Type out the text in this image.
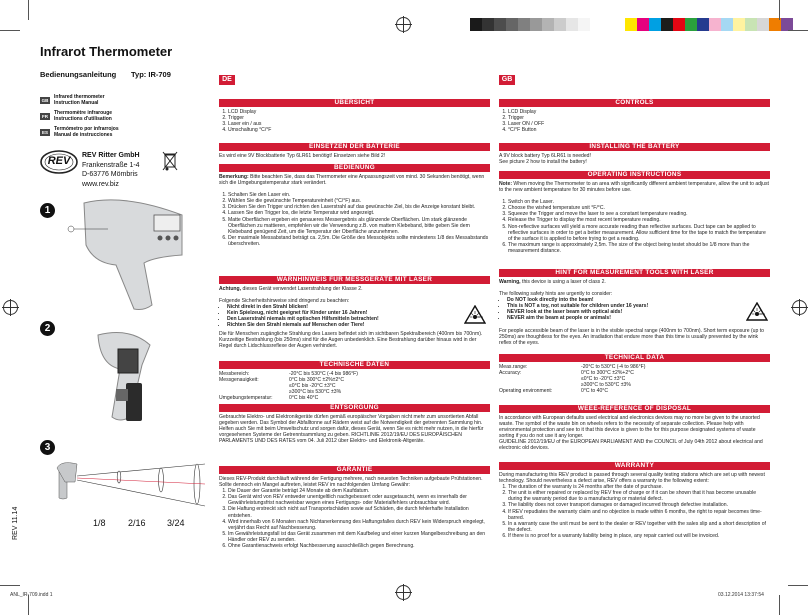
Infrarot Thermometer
Bedienungsanleitung Typ: IR-709
GB
Infrared thermometer
Instruction Manual
FR
Thermomètre infrarouge
Instructions d'utilisation
ES
Termómetro por infrarrojos
Manual de instrucciones
REV	REV Ritter GmbH
Frankenstraße 1-4
D-63776 Mömbris
www.rev.biz
1
2
3
1/8 2/16 3/24
REV 11.14
ANL_IR-709.indd 1	03.12.2014 13:37:54
DE
ÜBERSICHT
1. LCD Display
2. Trigger
3. Laser ein / aus
4. Umschaltung °C/°F
EINSETZEN DER BATTERIE
Es wird eine 9V Blockbatterie Typ 6LR61 benötigt! Einsetzen siehe Bild 2!
BEDIENUNG

Bemerkung: Bitte beachten Sie, dass das Thermometer eine Anpassungszeit von mind. 30 Sekunden benötigt, wenn sich die Umgebungstemperatur stark verändert.

1. Schalten Sie den Laser ein.
2. Wählen Sie die gewünschte Temperatureinheit (°C/°F) aus.
3. Drücken Sie den Trigger und richten den Laserstrahl auf das gewünschte Ziel, bis die Anzeige konstant bleibt.
4. Lassen Sie den Trigger los, die letzte Temperatur wird angezeigt.
5. Matte Oberflächen ergeben ein genaueres Messergebnis als glänzende Oberflächen. Um stark glänzende Oberflächen zu mattieren, empfehlen wir die Verwendung z.B. von mattem Klebeband, bitte geben Sie dem Klebeband genügend Zeit, um die Temperatur der Oberfläche anzunehmen.
6. Der maximale Messabstand beträgt ca. 2,5m. Die Größe des Messobjekts sollte mindestens 1/8 des Messabstands überschreiten.
WARNHINWEIS FÜR MESSGERÄTE MIT LASER

Achtung, dieses Gerät verwendet Laserstrahlung der Klasse 2.

Folgende Sicherheitshinweise sind dringend zu beachten:

• Nicht direkt in den Strahl blicken!
• Kein Spielzeug, nicht geeignet für Kinder unter 16 Jahren!
• Den Laserstrahl niemals mit optischen Hilfsmitteln betrachten!
• Richten Sie den Strahl niemals auf Menschen oder Tiere!
Die für Menschen zugängliche Strahlung des Lasers befindet sich im sichtbaren Spektralbereich (400nm bis 700nm). Kurzzeitige Bestrahlung (bis 250ms) sind für die Augen unbedenklich. Eine Bestrahlung darüber hinaus wird in der Regel durch Lidschlussreflexe der Augen verhindert.
TECHNISCHE DATEN
Messbereich:	-20°C bis 530°C (-4 bis 986°F)
Messgenauigkeit:	0°C bis 300°C ±2%±2°C
≤0°C bis -20°C ±3°C
≥300°C bis 530°C ±3%
Umgebungstemperatur:	0°C bis 40°C
ENTSORGUNG
Gebrauchte Elektro- und Elektronikgeräte dürfen gemäß europäischer Vorgaben nicht mehr zum unsortierten Abfall gegeben werden. Das Symbol der Abfalltonne auf Rädern weist auf die Notwendigkeit der getrennten Sammlung hin. Helfen auch Sie mit beim Umweltschutz und sorgen dafür, dieses Gerät, wenn Sie es nicht mehr nutzen, in die hierfür vorgesehenen Systeme der Getrenntsammlung zu geben. RICHTLINIE 2012/19/EU DES EUROPÄISCHEN PARLAMENTS UND DES RATES vom 04. Juli 2012 über Elektro- und Elektronik-Altgeräte.
GARANTIE

Dieses REV-Produkt durchläuft während der Fertigung mehrere, nach neuesten Techniken aufgebaute Prüfstationen. Sollte dennoch ein Mangel auftreten, leistet REV im nachfolgenden Umfang Gewähr:

1. Die Dauer der Garantie beträgt 24 Monate ab dem Kaufdatum.
2. Das Gerät wird von REV entweder unentgeltlich nachgebessert oder ausgetauscht, wenn es innerhalb der Gewährleistungsfrist nachweisbar wegen eines Fertigungs- oder Materialfehlers unbrauchbar wird.
3. Die Haftung erstreckt sich nicht auf Transportschäden sowie auf Schäden, die durch fehlerhafte Installation entstehen.
4. Wird innerhalb von 6 Monaten nach Nichtanerkennung des Haftungsfalles durch REV kein Widerspruch eingelegt, verjährt das Recht auf Nachbesserung.
5. Im Gewährleistungsfall ist das Gerät zusammen mit dem Kaufbeleg und einer kurzen Mangelbeschreibung an den Händler oder REV zu senden.
6. Ohne Garantienachweis erfolgt Nachbesserung ausschließlich gegen Berechnung.
GB
CONTROLS
1. LCD Display
2. Trigger
3. Laser ON / OFF
4. °C/°F Button
INSTALLING THE BATTERY

A 9V block battery Typ 6LR61 is needed!

See picture 2 how to install the battery!

OPERATING INSTRUCTIONS

Note: When moving the Thermometer to an area with significantly different ambient temperature, allow the unit to adjust to the new ambient temperature for 30 minutes before use.

1. Switch on the Laser.
2. Choose the wished temperature unit °F/°C.
3. Squeeze the Trigger and move the laser to see a constant temperature reading.
4. Release the Trigger to display the most recent temperature reading.
5. Non-reflective surfaces will yield a more accurate reading than reflective surfaces. Duct tape can be applied to reflective surfaces in order to get a better measurement. Allow sufficient time for the tape to match the temperature of the surface it is applied to before trying to get a reading.
6. The maximum range is approximately 2,5m. The size of the object being testet should be 1/8 more than the measurement distance.
HINT FOR MEASUREMENT TOOLS WITH LASER

Warning, this device is using a laser of class 2.

The following safety hints are urgently to consider:

• Do NOT look directly into the beam!
• This is NOT a toy, not suitable for children under 16 years!
• NEVER look at the laser beam with optical aids!
• NEVER aim the beam at people or animals!
For people accessible beam of the laser is in the visible spectral range (400nm to 700nm). Short term exposure (up to 250ms) are thoughtless for the eyes. An irradiation that endure more than this time is usually prevented by the wink reflex of the eyes.
TECHNICAL DATA
Meas.range:	-20°C to 530°C (-4 to 986°F)
Accuracy:	0°C to 300°C ±2%+2°C
≤0°C to -20°C ±3°C
≥300°C to 530°C ±3%
Operating environment:	0°C to 40°C
WEEE-REFERENCE OF DISPOSAL

In accordance with European defaults used electrical and electronics devices may no more be given to the unsorted waste. The symbol of the waste bin on wheels refers to the necessity of separate collection. Please help with environmental protection and see to it that this device is given to the for this purpose designated systems of waste sorting if you do not use it any longer.

GUIDELINE 2012/19/EU of the EUROPEAN PARLIAMENT AND the COUNCIL of July 04th 2012 about electrical and electronic old devices.

WARRANTY

During manufacturing this REV product is passed through several quality testing stations which are set up with newest technology. Should nevertheless a defect arise, REV offers a warranty to the following extent:

1. The duration of the warranty is 24 months after the date of purchase.
2. The unit is either repaired or replaced by REV free of charge or if it can be shown that it has become unusable during the warranty period due to a manufacturing or material defect.
3. The liability does not cover transport damages or damaged incurred through defective installation.
4. If REV repudiates the warranty claim and no objection is made within 6 months, the right to repair becomes time-barred.
5. In a warranty case the unit must be sent to the dealer or REV together with the sales slip and a short description of the defect.
6. If there is no proof for a warranty liability being in place, any repair carried out will be invoiced.
